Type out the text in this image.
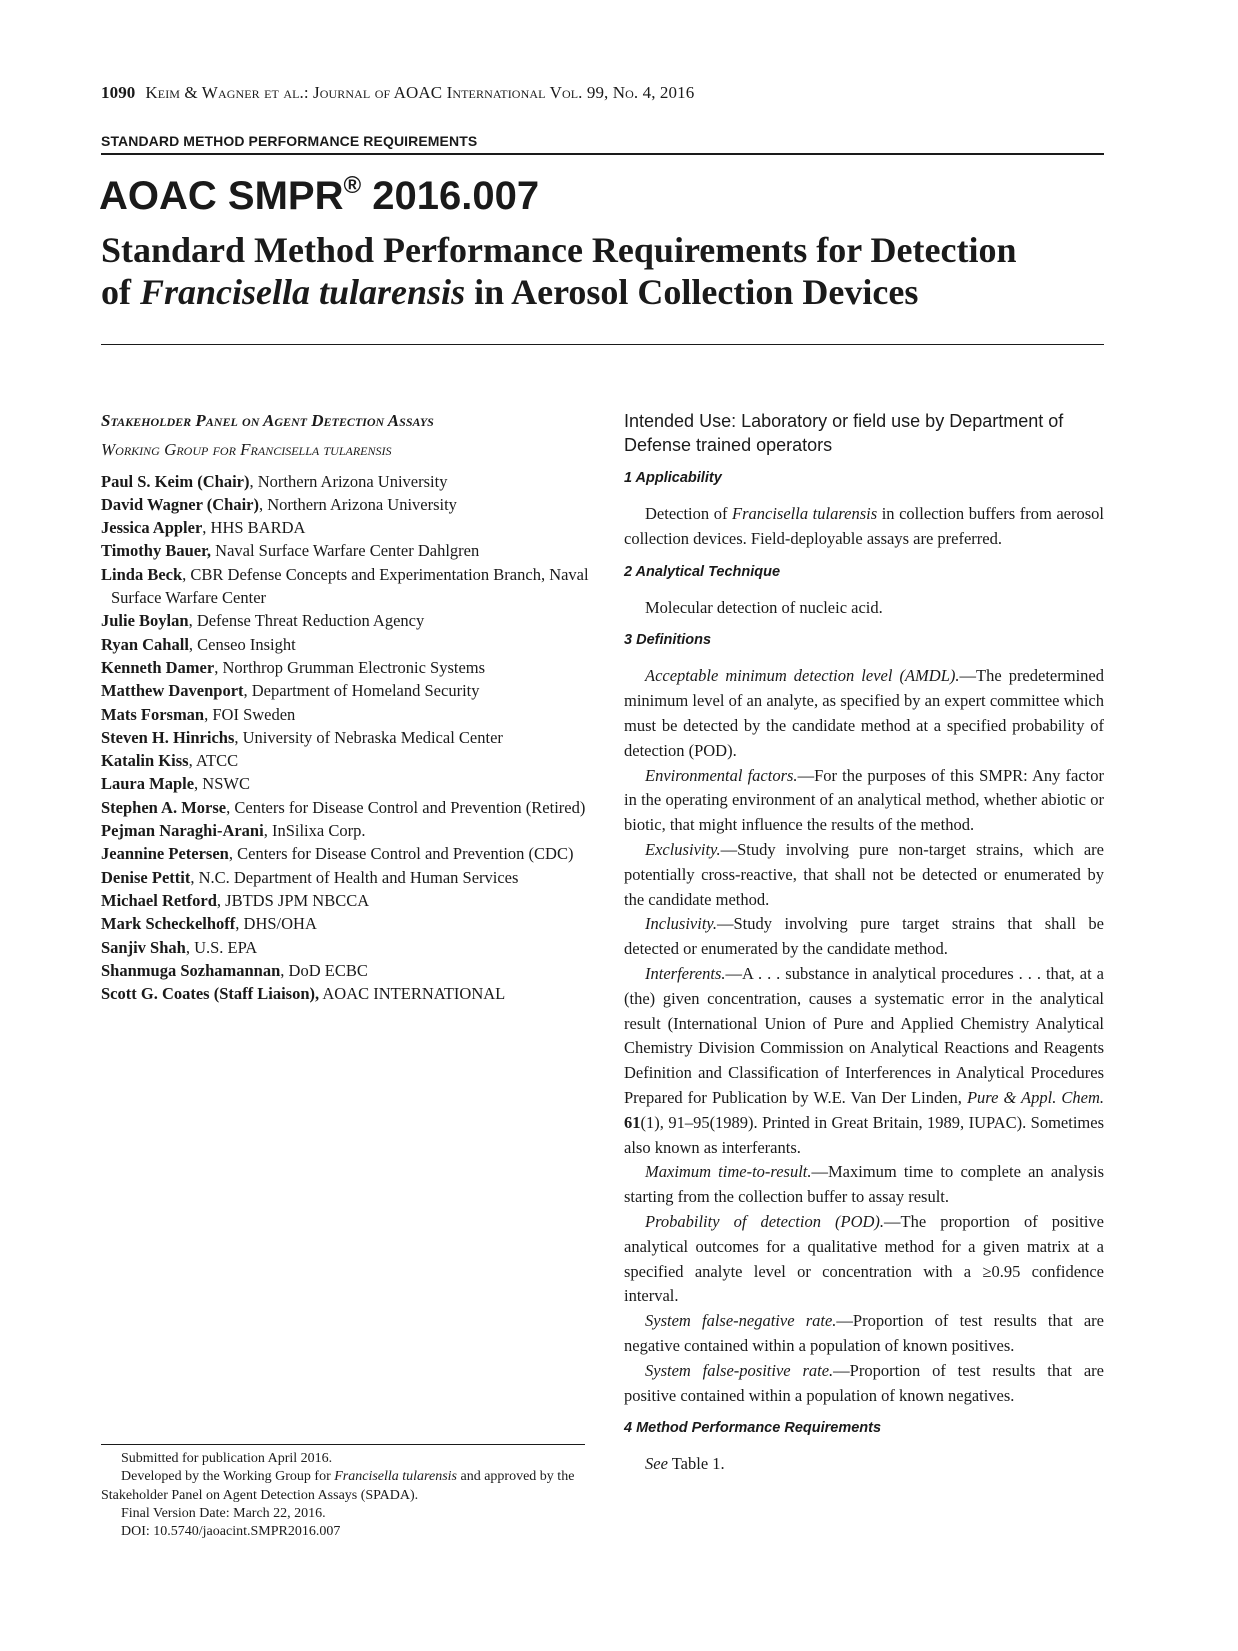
1090 Keim & Wagner et al.: Journal of AOAC International Vol. 99, No. 4, 2016
STANDARD METHOD PERFORMANCE REQUIREMENTS
AOAC SMPR® 2016.007
Standard Method Performance Requirements for Detection
of Francisella tularensis in Aerosol Collection Devices
Stakeholder Panel on Agent Detection Assays
Working Group for Francisella tularensis
Paul S. Keim (Chair), Northern Arizona University
David Wagner (Chair), Northern Arizona University
Jessica Appler, HHS BARDA
Timothy Bauer, Naval Surface Warfare Center Dahlgren
Linda Beck, CBR Defense Concepts and Experimentation Branch, Naval Surface Warfare Center
Julie Boylan, Defense Threat Reduction Agency
Ryan Cahall, Censeo Insight
Kenneth Damer, Northrop Grumman Electronic Systems
Matthew Davenport, Department of Homeland Security
Mats Forsman, FOI Sweden
Steven H. Hinrichs, University of Nebraska Medical Center
Katalin Kiss, ATCC
Laura Maple, NSWC
Stephen A. Morse, Centers for Disease Control and Prevention (Retired)
Pejman Naraghi-Arani, InSilixa Corp.
Jeannine Petersen, Centers for Disease Control and Prevention (CDC)
Denise Pettit, N.C. Department of Health and Human Services
Michael Retford, JBTDS JPM NBCCA
Mark Scheckelhoff, DHS/OHA
Sanjiv Shah, U.S. EPA
Shanmuga Sozhamannan, DoD ECBC
Scott G. Coates (Staff Liaison), AOAC INTERNATIONAL

Submitted for publication April 2016.

Developed by the Working Group for Francisella tularensis and approved by the Stakeholder Panel on Agent Detection Assays (SPADA).

Final Version Date: March 22, 2016.

DOI: 10.5740/jaoacint.SMPR2016.007

Intended Use: Laboratory or field use by Department of Defense trained operators
1 Applicability

Detection of Francisella tularensis in collection buffers from aerosol collection devices. Field-deployable assays are preferred.

2 Analytical Technique

Molecular detection of nucleic acid.

3 Definitions

Acceptable minimum detection level (AMDL).—The predetermined minimum level of an analyte, as specified by an expert committee which must be detected by the candidate method at a specified probability of detection (POD).

Environmental factors.—For the purposes of this SMPR: Any factor in the operating environment of an analytical method, whether abiotic or biotic, that might influence the results of the method.

Exclusivity.—Study involving pure non-target strains, which are potentially cross-reactive, that shall not be detected or enumerated by the candidate method.

Inclusivity.—Study involving pure target strains that shall be detected or enumerated by the candidate method.

Interferents.—A . . . substance in analytical procedures . . . that, at a (the) given concentration, causes a systematic error in the analytical result (International Union of Pure and Applied Chemistry Analytical Chemistry Division Commission on Analytical Reactions and Reagents Definition and Classification of Interferences in Analytical Procedures Prepared for Publication by W.E. Van Der Linden, Pure & Appl. Chem. 61(1), 91–95(1989). Printed in Great Britain, 1989, IUPAC). Sometimes also known as interferants.

Maximum time-to-result.—Maximum time to complete an analysis starting from the collection buffer to assay result.

Probability of detection (POD).—The proportion of positive analytical outcomes for a qualitative method for a given matrix at a specified analyte level or concentration with a ≥0.95 confidence interval.

System false-negative rate.—Proportion of test results that are negative contained within a population of known positives.

System false-positive rate.—Proportion of test results that are positive contained within a population of known negatives.

4 Method Performance Requirements

See Table 1.
